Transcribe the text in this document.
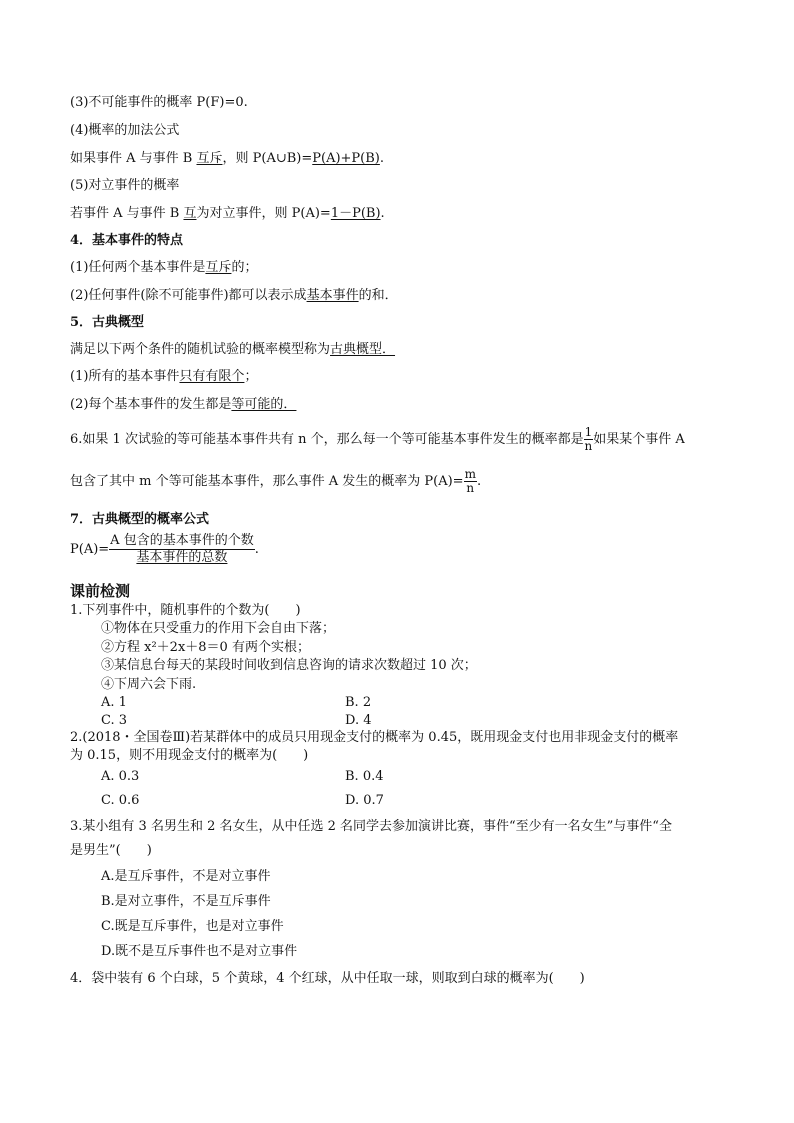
(3)不可能事件的概率 P(F)=0.
(4)概率的加法公式
如果事件 A 与事件 B 互斥，则 P(A∪B)=P(A)+P(B).
(5)对立事件的概率
若事件 A 与事件 B 互为对立事件，则 P(A)=1－P(B).
4．基本事件的特点
(1)任何两个基本事件是互斥的；
(2)任何事件(除不可能事件)都可以表示成基本事件的和．
5．古典概型
满足以下两个条件的随机试验的概率模型称为古典概型．
(1)所有的基本事件只有有限个；
(2)每个基本事件的发生都是等可能的．
6.如果 1 次试验的等可能基本事件共有 n 个，那么每一个等可能基本事件发生的概率都是 $\frac{1}{n}$ 如果某个事件 A
包含了其中 m 个等可能基本事件，那么事件 A 发生的概率为 $P(A)= \frac{m}{n}$ .
7．古典概型的概率公式
$P(A)= \frac{\text{A 包含的基本事件的个数}}{\text{基本事件的总数}}$ .
课前检测
1.下列事件中，随机事件的个数为(　　)
①物体在只受重力的作用下会自由下落；
②方程 x²＋2x＋8＝0 有两个实根；
③某信息台每天的某段时间收到信息咨询的请求次数超过 10 次；
④下周六会下雨.
A. 1	B. 2
C. 3	D. 4
2.(2018・全国卷Ⅲ)若某群体中的成员只用现金支付的概率为 0.45，既用现金支付也用非现金支付的概率
为 0.15，则不用现金支付的概率为(　　)
A. 0.3	B. 0.4
C. 0.6	D. 0.7
3.某小组有 3 名男生和 2 名女生，从中任选 2 名同学去参加演讲比赛，事件“至少有一名女生”与事件“全
是男生”(　　)
A.是互斥事件，不是对立事件
B.是对立事件，不是互斥事件
C.既是互斥事件，也是对立事件
D.既不是互斥事件也不是对立事件
4．袋中装有 6 个白球，5 个黄球，4 个红球，从中任取一球，则取到白球的概率为(　　)
